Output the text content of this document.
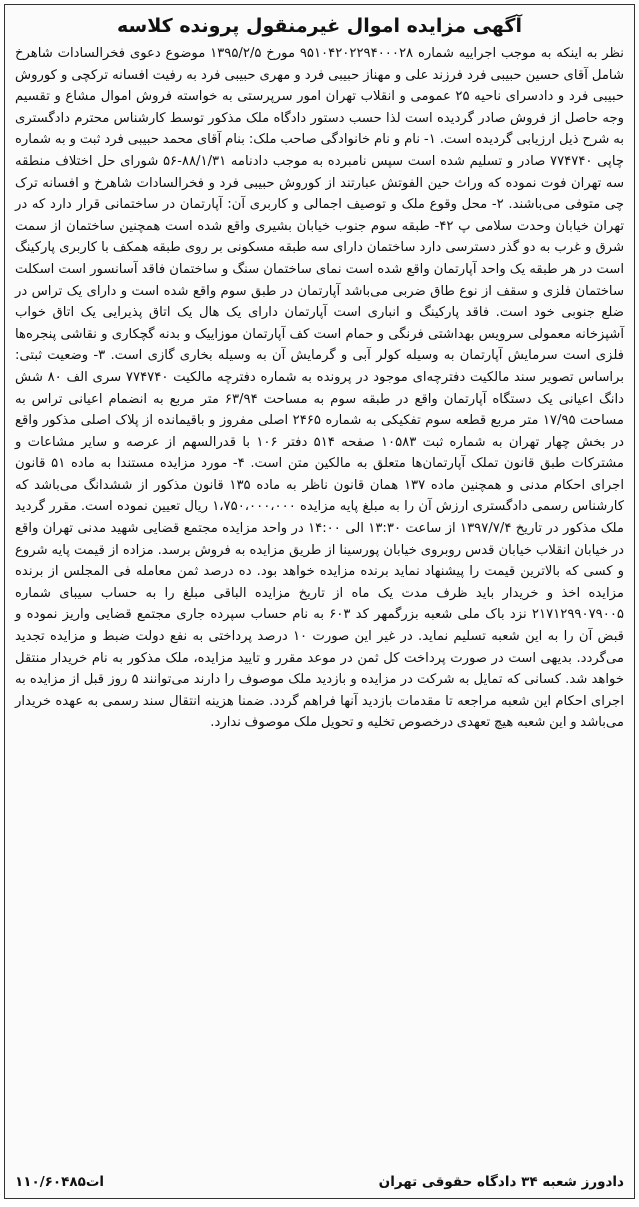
آگهی مزایده اموال غیرمنقول پرونده کلاسه

نظر به اینکه به موجب اجراییه شماره ۹۵۱۰۴۲۰۲۲۹۴۰۰۰۲۸ مورخ ۱۳۹۵/۲/۵ موضوع دعوی فخرالسادات شاهرخ شامل آقای حسین حبیبی فرد فرزند علی و مهناز حبیبی فرد و مهری حبیبی فرد به رفیت افسانه ترکچی و کوروش حبیبی فرد و دادسرای ناحیه ۲۵ عمومی و انقلاب تهران امور سرپرستی به خواسته فروش اموال مشاع و تقسیم وجه حاصل از فروش صادر گردیده است لذا حسب دستور دادگاه ملک مذکور توسط کارشناس محترم دادگستری به شرح ذیل ارزیابی گردیده است. ۱- نام و نام خانوادگی صاحب ملک: بنام آقای محمد حبیبی فرد ثبت و به شماره چاپی ۷۷۴۷۴۰ صادر و تسلیم شده است سپس نامبرده به موجب دادنامه ۸۸/۱/۳۱-۵۶ شورای حل اختلاف منطقه سه تهران فوت نموده که وراث حین الفوتش عبارتند از کوروش حبیبی فرد و فخرالسادات شاهرخ و افسانه ترک چی متوفی می‌باشند. ۲- محل وقوع ملک و توصیف اجمالی و کاربری آن: آپارتمان در ساختمانی قرار دارد که در تهران خیابان وحدت سلامی پ ۴۲- طبقه سوم جنوب خیابان بشیری واقع شده است همچنین ساختمان از سمت شرق و غرب به دو گذر دسترسی دارد ساختمان دارای سه طبقه مسکونی بر روی طبقه همکف با کاربری پارکینگ است در هر طبقه یک واحد آپارتمان واقع شده است نمای ساختمان سنگ و ساختمان فاقد آسانسور است اسکلت ساختمان فلزی و سقف از نوع طاق ضربی می‌باشد آپارتمان در طبق سوم واقع شده است و دارای یک تراس در ضلع جنوبی خود است. فاقد پارکینگ و انباری است آپارتمان دارای یک هال یک اتاق پذیرایی یک اتاق خواب آشپزخانه معمولی سرویس بهداشتی فرنگی و حمام است کف آپارتمان موزاییک و بدنه گچکاری و نقاشی پنجره‌ها فلزی است سرمایش آپارتمان به وسیله کولر آبی و گرمایش آن به وسیله بخاری گازی است. ۳- وضعیت ثبتی: براساس تصویر سند مالکیت دفترچه‌ای موجود در پرونده به شماره دفترچه مالکیت ۷۷۴۷۴۰ سری الف ۸۰ شش دانگ اعیانی یک دستگاه آپارتمان واقع در طبقه سوم به مساحت ۶۳/۹۴ متر مربع به انضمام اعیانی تراس به مساحت ۱۷/۹۵ متر مربع قطعه سوم تفکیکی به شماره ۲۴۶۵ اصلی مفروز و باقیمانده از پلاک اصلی مذکور واقع در بخش چهار تهران به شماره ثبت ۱۰۵۸۳ صفحه ۵۱۴ دفتر ۱۰۶ با قدرالسهم از عرصه و سایر مشاعات و مشترکات طبق قانون تملک آپارتمان‌ها متعلق به مالکین متن است. ۴- مورد مزایده مستندا به ماده ۵۱ قانون اجرای احکام مدنی و همچنین ماده ۱۳۷ همان قانون ناظر به ماده ۱۳۵ قانون مذکور از ششدانگ می‌باشد که کارشناس رسمی دادگستری ارزش آن را به مبلغ پایه مزایده ۱،۷۵۰،۰۰۰،۰۰۰ ریال تعیین نموده است. مقرر گردید ملک مذکور در تاریخ ۱۳۹۷/۷/۴ از ساعت ۱۳:۳۰ الی ۱۴:۰۰ در واحد مزایده مجتمع قضایی شهید مدنی تهران واقع در خیابان انقلاب خیابان قدس روبروی خیابان پورسینا از طریق مزایده به فروش برسد. مزاده از قیمت پایه شروع و کسی که بالاترین قیمت را پیشنهاد نماید برنده مزایده خواهد بود. ده درصد ثمن معامله فی المجلس از برنده مزایده اخذ و خریدار باید ظرف مدت یک ماه از تاریخ مزایده الباقی مبلغ را به حساب سیبای شماره ۲۱۷۱۲۹۹۰۷۹۰۰۵ نزد باک ملی شعبه بزرگمهر کد ۶۰۳ به نام حساب سپرده جاری مجتمع قضایی واریز نموده و قبض آن را به این شعبه تسلیم نماید. در غیر این صورت ۱۰ درصد پرداختی به نفع دولت ضبط و مزایده تجدید می‌گردد. بدیهی است در صورت پرداخت کل ثمن در موعد مقرر و تایید مزایده، ملک مذکور به نام خریدار منتقل خواهد شد. کسانی که تمایل به شرکت در مزایده و بازدید ملک موصوف را دارند می‌توانند ۵ روز قبل از مزایده به اجرای احکام این شعبه مراجعه تا مقدمات بازدید آنها فراهم گردد. ضمنا هزینه انتقال سند رسمی به عهده خریدار می‌باشد و این شعبه هیچ تعهدی درخصوص تخلیه و تحویل ملک موصوف ندارد.

دادورز شعبه ۳۴ دادگاه حقوقی تهران
۱۱۰/۶۰۴۸۵ات
